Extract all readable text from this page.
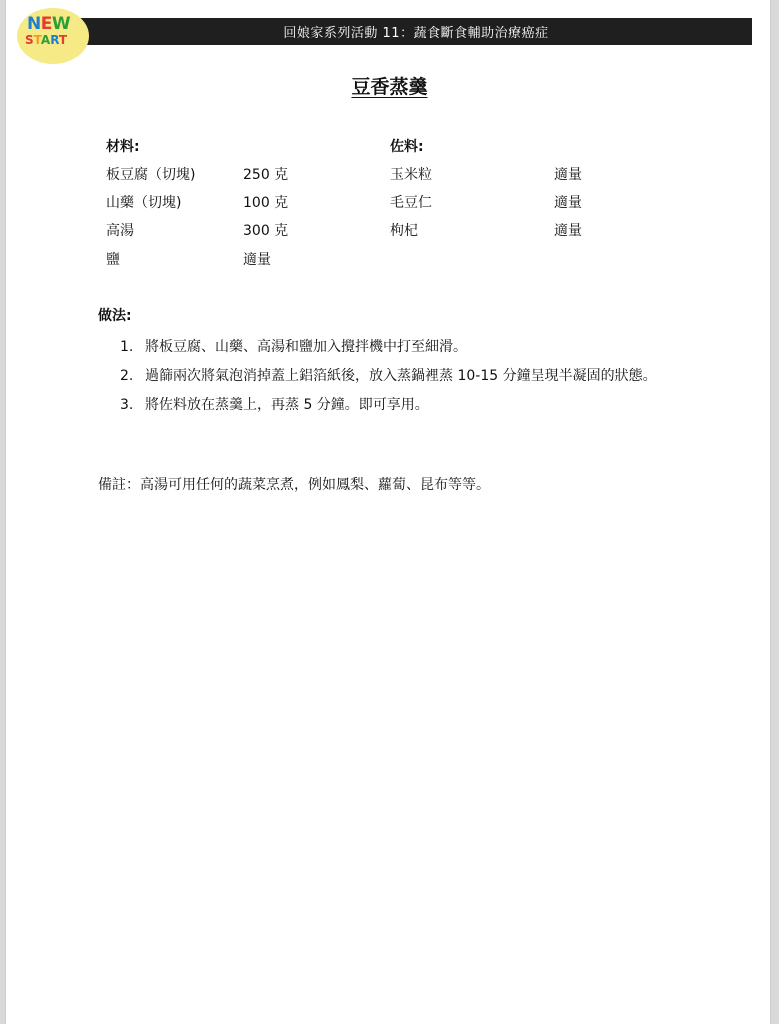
回娘家系列活動 11：蔬食斷食輔助治療癌症
NEW
START
豆香蒸羹
材料:
板豆腐（切塊)	250 克
山藥（切塊)	100 克
高湯	300 克
鹽	適量
佐料:
玉米粒	適量
毛豆仁	適量
枸杞	適量
做法:
1. 將板豆腐、山藥、高湯和鹽加入攪拌機中打至細滑。
2. 過篩兩次將氣泡消掉蓋上鋁箔紙後，放入蒸鍋裡蒸 10-15 分鐘呈現半凝固的狀態。
3. 將佐料放在蒸羹上，再蒸 5 分鐘。即可享用。
備註：高湯可用任何的蔬菜烹煮，例如鳳梨、蘿蔔、昆布等等。
